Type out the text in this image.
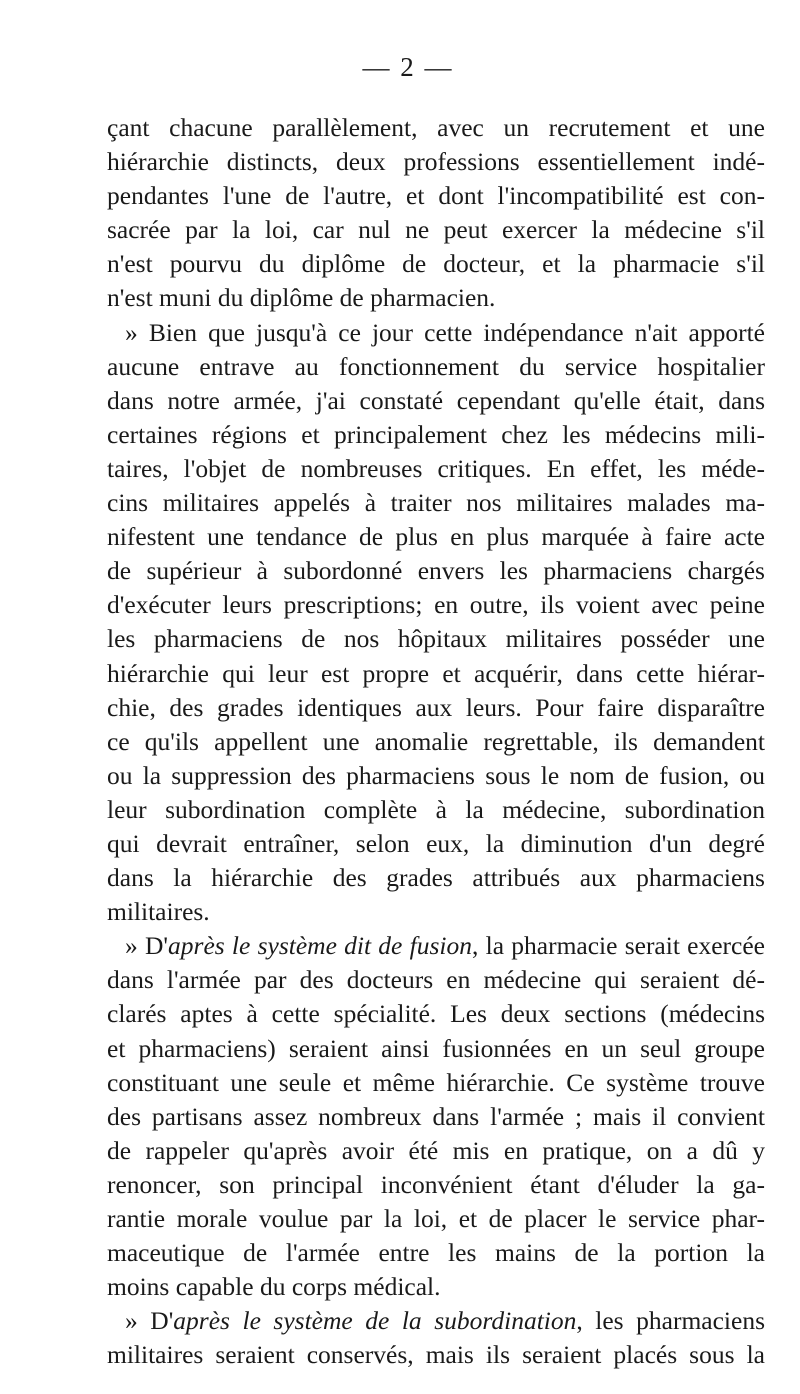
— 2 —
çant chacune parallèlement, avec un recrutement et une
hiérarchie distincts, deux professions essentiellement indé-
pendantes l'une de l'autre, et dont l'incompatibilité est con-
sacrée par la loi, car nul ne peut exercer la médecine s'il
n'est pourvu du diplôme de docteur, et la pharmacie s'il
n'est muni du diplôme de pharmacien.
» Bien que jusqu'à ce jour cette indépendance n'ait apporté
aucune entrave au fonctionnement du service hospitalier
dans notre armée, j'ai constaté cependant qu'elle était, dans
certaines régions et principalement chez les médecins mili-
taires, l'objet de nombreuses critiques. En effet, les méde-
cins militaires appelés à traiter nos militaires malades ma-
nifestent une tendance de plus en plus marquée à faire acte
de supérieur à subordonné envers les pharmaciens chargés
d'exécuter leurs prescriptions; en outre, ils voient avec peine
les pharmaciens de nos hôpitaux militaires posséder une
hiérarchie qui leur est propre et acquérir, dans cette hiérar-
chie, des grades identiques aux leurs. Pour faire disparaître
ce qu'ils appellent une anomalie regrettable, ils demandent
ou la suppression des pharmaciens sous le nom de fusion, ou
leur subordination complète à la médecine, subordination
qui devrait entraîner, selon eux, la diminution d'un degré
dans la hiérarchie des grades attribués aux pharmaciens
militaires.
» D'après le système dit de fusion, la pharmacie serait exercée
dans l'armée par des docteurs en médecine qui seraient dé-
clarés aptes à cette spécialité. Les deux sections (médecins
et pharmaciens) seraient ainsi fusionnées en un seul groupe
constituant une seule et même hiérarchie. Ce système trouve
des partisans assez nombreux dans l'armée ; mais il convient
de rappeler qu'après avoir été mis en pratique, on a dû y
renoncer, son principal inconvénient étant d'éluder la ga-
rantie morale voulue par la loi, et de placer le service phar-
maceutique de l'armée entre les mains de la portion la
moins capable du corps médical.
» D'après le système de la subordination, les pharmaciens
militaires seraient conservés, mais ils seraient placés sous la
